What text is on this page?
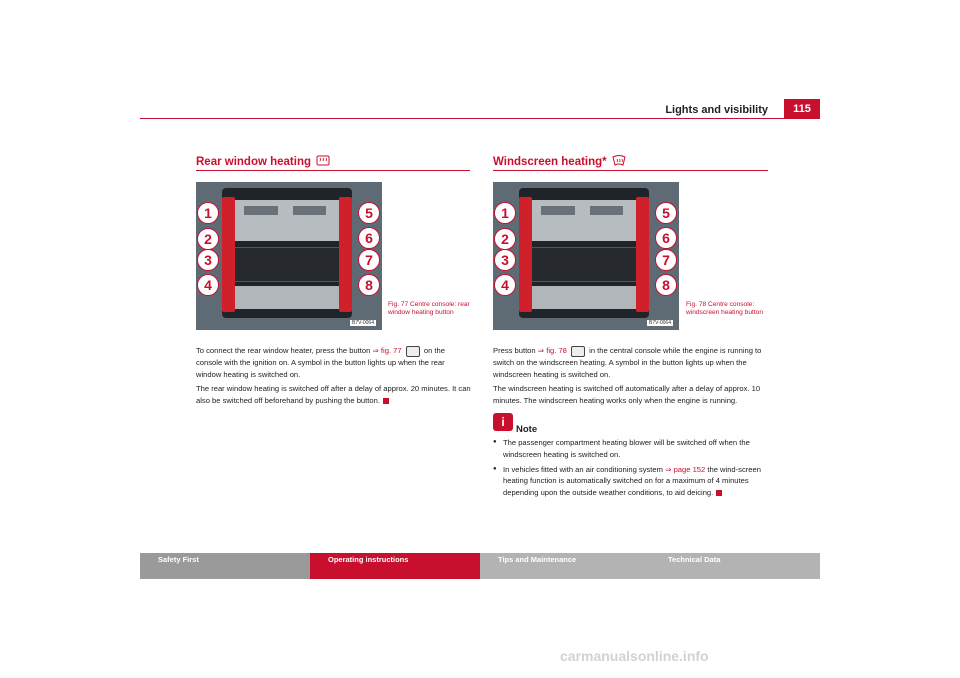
Lights and visibility	115
Rear window heating
1
2
3
4
5
6
7
8
B7V-0064
Fig. 77 Centre console: rear window heating button

To connect the rear window heater, press the button ⇒ fig. 77	on the console with the ignition on. A symbol in the button lights up when the rear window heating is switched on.

The rear window heating is switched off after a delay of approx. 20 minutes. It can also be switched off beforehand by pushing the button.

Windscreen heating*
1
2
3
4
5
6
7
8
B7V-0064
Fig. 78 Centre console: windscreen heating button

Press button ⇒ fig. 78	in the central console while the engine is running to switch on the windscreen heating. A symbol in the button lights up when the windscreen heating is switched on.

The windscreen heating is switched off automatically after a delay of approx. 10 minutes. The windscreen heating works only when the engine is running.

i
Note

● The passenger compartment heating blower will be switched off when the windscreen heating is switched on.

● In vehicles fitted with an air conditioning system ⇒ page 152 the wind-screen heating function is automatically switched on for a maximum of 4 minutes depending upon the outside weather conditions, to aid deicing.

Safety First	Operating instructions	Tips and Maintenance	Technical Data
carmanualsonline.info
